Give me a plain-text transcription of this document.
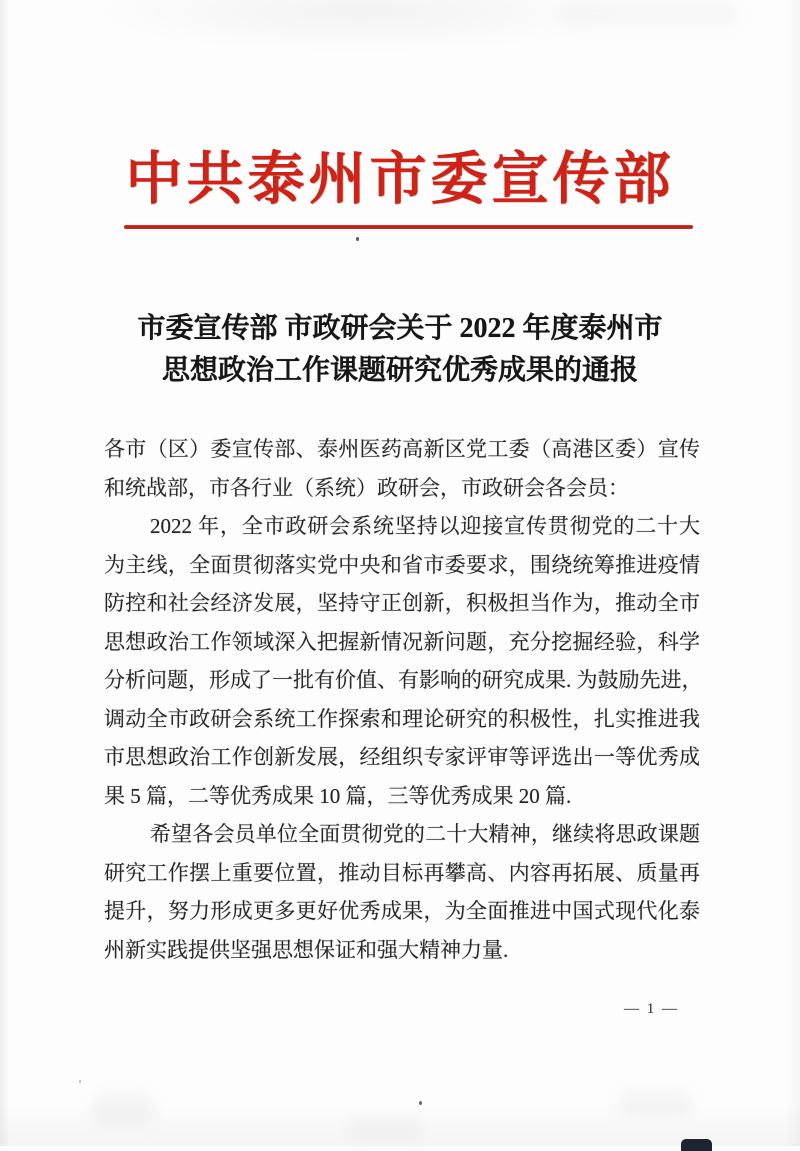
中共泰州市委宣传部
市委宣传部 市政研会关于 2022 年度泰州市
思想政治工作课题研究优秀成果的通报
各市（区）委宣传部、泰州医药高新区党工委（高港区委）宣传
和统战部，市各行业（系统）政研会，市政研会各会员：
2022 年，全市政研会系统坚持以迎接宣传贯彻党的二十大
为主线，全面贯彻落实党中央和省市委要求，围绕统筹推进疫情
防控和社会经济发展，坚持守正创新，积极担当作为，推动全市
思想政治工作领域深入把握新情况新问题，充分挖掘经验，科学
分析问题，形成了一批有价值、有影响的研究成果. 为鼓励先进，
调动全市政研会系统工作探索和理论研究的积极性，扎实推进我
市思想政治工作创新发展，经组织专家评审等评选出一等优秀成
果 5 篇，二等优秀成果 10 篇，三等优秀成果 20 篇.
希望各会员单位全面贯彻党的二十大精神，继续将思政课题
研究工作摆上重要位置，推动目标再攀高、内容再拓展、质量再
提升，努力形成更多更好优秀成果，为全面推进中国式现代化泰
州新实践提供坚强思想保证和强大精神力量.
— 1 —
